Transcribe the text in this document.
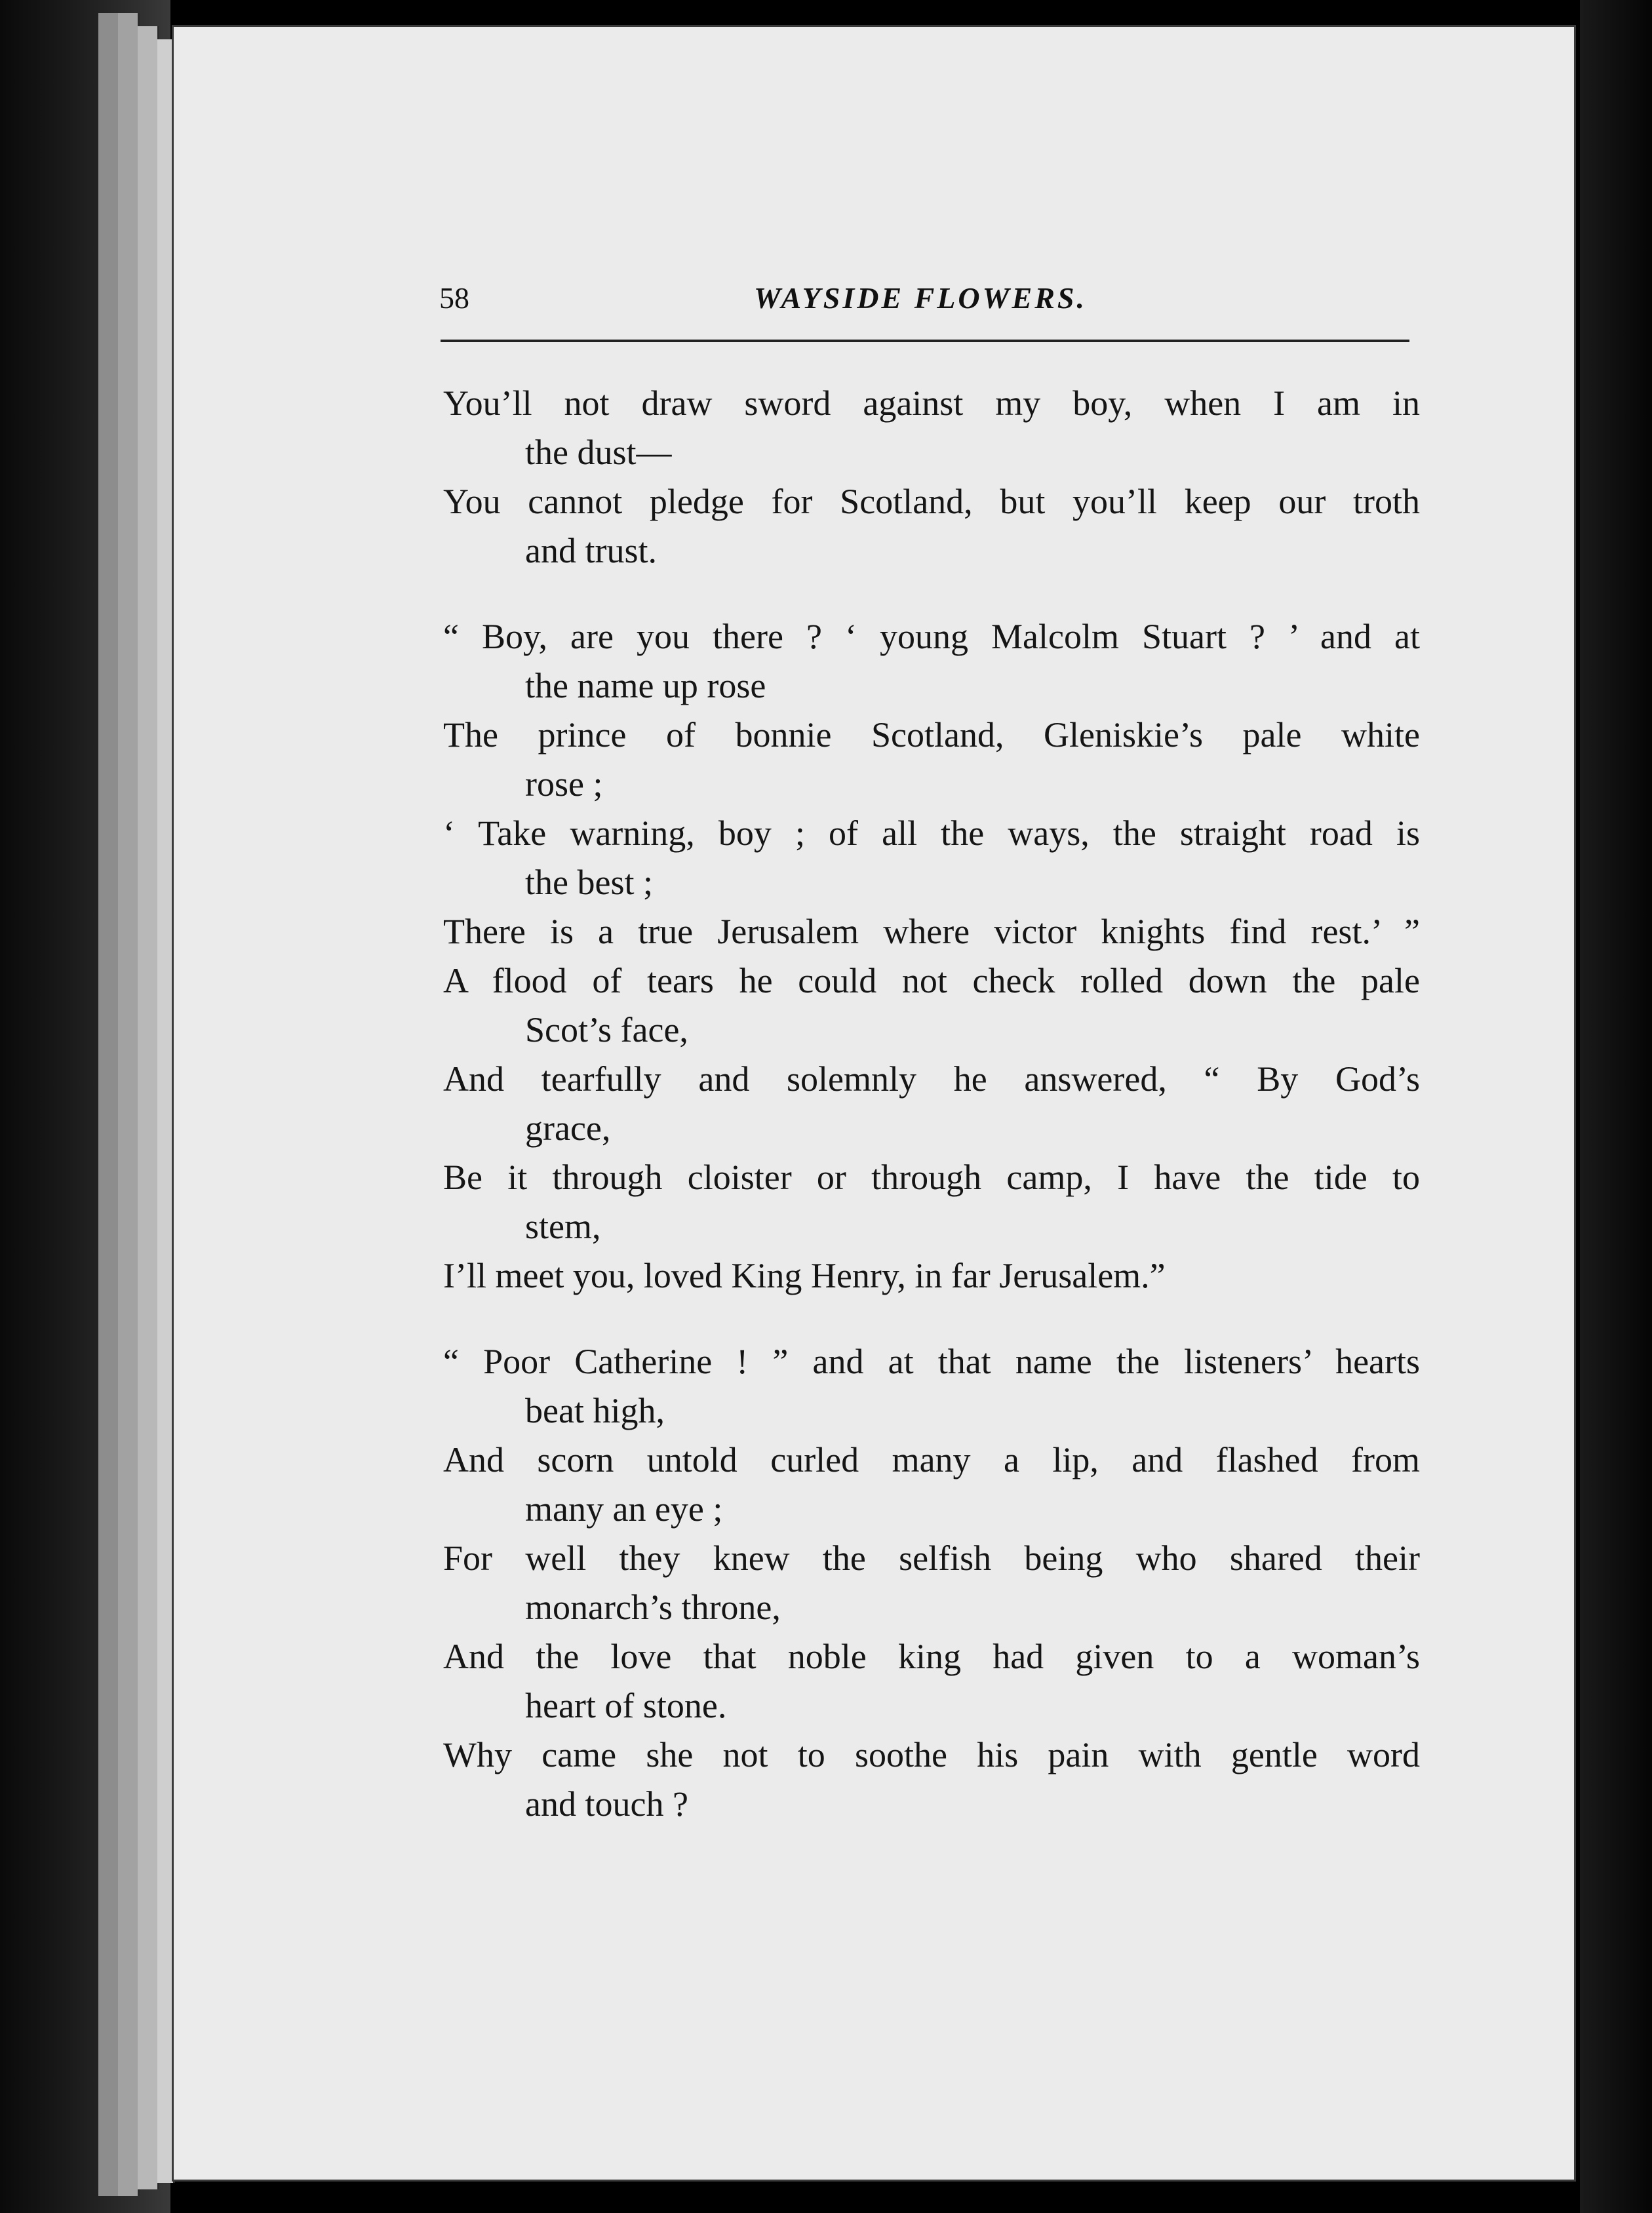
58	WAYSIDE FLOWERS.
You’ll not draw sword against my boy, when I am in
the dust—
You cannot pledge for Scotland, but you’ll keep our troth
and trust.
“ Boy, are you there ? ‘ young Malcolm Stuart ? ’ and at
the name up rose
The prince of bonnie Scotland, Gleniskie’s pale white
rose ;
‘ Take warning, boy ; of all the ways, the straight road is
the best ;
There is a true Jerusalem where victor knights find rest.’ ”
A flood of tears he could not check rolled down the pale
Scot’s face,
And tearfully and solemnly he answered, “ By God’s
grace,
Be it through cloister or through camp, I have the tide to
stem,
I’ll meet you, loved King Henry, in far Jerusalem.”
“ Poor Catherine ! ” and at that name the listeners’ hearts
beat high,
And scorn untold curled many a lip, and flashed from
many an eye ;
For well they knew the selfish being who shared their
monarch’s throne,
And the love that noble king had given to a woman’s
heart of stone.
Why came she not to soothe his pain with gentle word
and touch ?
